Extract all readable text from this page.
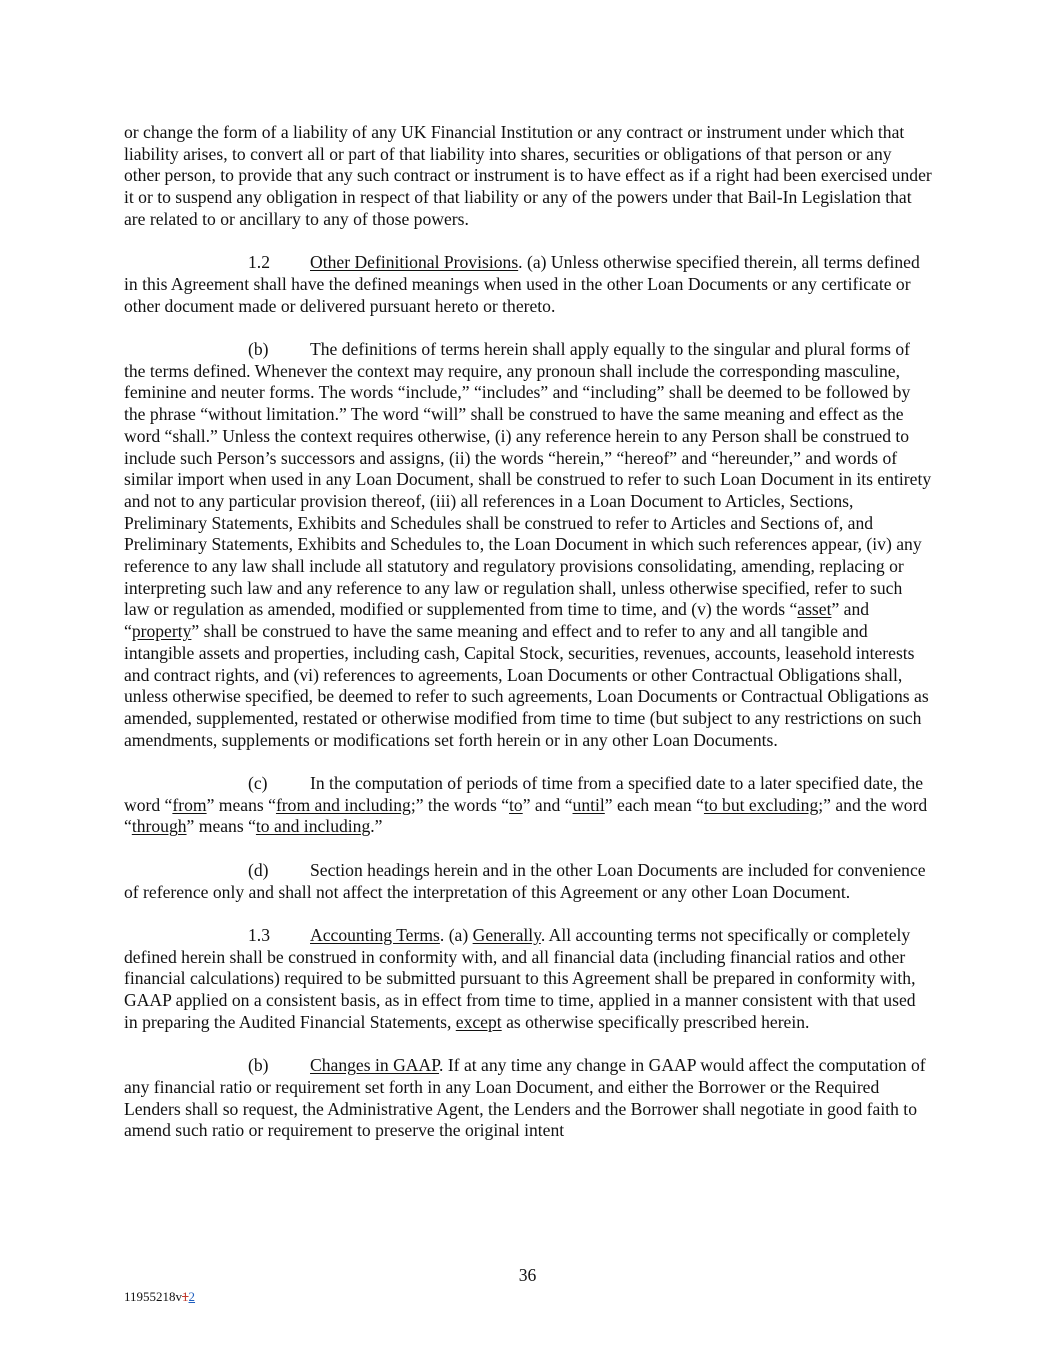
or change the form of a liability of any UK Financial Institution or any contract or instrument under which that liability arises, to convert all or part of that liability into shares, securities or obligations of that person or any other person, to provide that any such contract or instrument is to have effect as if a right had been exercised under it or to suspend any obligation in respect of that liability or any of the powers under that Bail-In Legislation that are related to or ancillary to any of those powers.

1.2 Other Definitional Provisions. (a) Unless otherwise specified therein, all terms defined in this Agreement shall have the defined meanings when used in the other Loan Documents or any certificate or other document made or delivered pursuant hereto or thereto.

(b) The definitions of terms herein shall apply equally to the singular and plural forms of the terms defined. Whenever the context may require, any pronoun shall include the corresponding masculine, feminine and neuter forms. The words “include,” “includes” and “including” shall be deemed to be followed by the phrase “without limitation.” The word “will” shall be construed to have the same meaning and effect as the word “shall.” Unless the context requires otherwise, (i) any reference herein to any Person shall be construed to include such Person’s successors and assigns, (ii) the words “herein,” “hereof” and “hereunder,” and words of similar import when used in any Loan Document, shall be construed to refer to such Loan Document in its entirety and not to any particular provision thereof, (iii) all references in a Loan Document to Articles, Sections, Preliminary Statements, Exhibits and Schedules shall be construed to refer to Articles and Sections of, and Preliminary Statements, Exhibits and Schedules to, the Loan Document in which such references appear, (iv) any reference to any law shall include all statutory and regulatory provisions consolidating, amending, replacing or interpreting such law and any reference to any law or regulation shall, unless otherwise specified, refer to such law or regulation as amended, modified or supplemented from time to time, and (v) the words “asset” and “property” shall be construed to have the same meaning and effect and to refer to any and all tangible and intangible assets and properties, including cash, Capital Stock, securities, revenues, accounts, leasehold interests and contract rights, and (vi) references to agreements, Loan Documents or other Contractual Obligations shall, unless otherwise specified, be deemed to refer to such agreements, Loan Documents or Contractual Obligations as amended, supplemented, restated or otherwise modified from time to time (but subject to any restrictions on such amendments, supplements or modifications set forth herein or in any other Loan Documents.

(c) In the computation of periods of time from a specified date to a later specified date, the word “from” means “from and including;” the words “to” and “until” each mean “to but excluding;” and the word “through” means “to and including.”

(d) Section headings herein and in the other Loan Documents are included for convenience of reference only and shall not affect the interpretation of this Agreement or any other Loan Document.

1.3 Accounting Terms. (a) Generally. All accounting terms not specifically or completely defined herein shall be construed in conformity with, and all financial data (including financial ratios and other financial calculations) required to be submitted pursuant to this Agreement shall be prepared in conformity with, GAAP applied on a consistent basis, as in effect from time to time, applied in a manner consistent with that used in preparing the Audited Financial Statements, except as otherwise specifically prescribed herein.

(b) Changes in GAAP. If at any time any change in GAAP would affect the computation of any financial ratio or requirement set forth in any Loan Document, and either the Borrower or the Required Lenders shall so request, the Administrative Agent, the Lenders and the Borrower shall negotiate in good faith to amend such ratio or requirement to preserve the original intent

36
11955218v12
